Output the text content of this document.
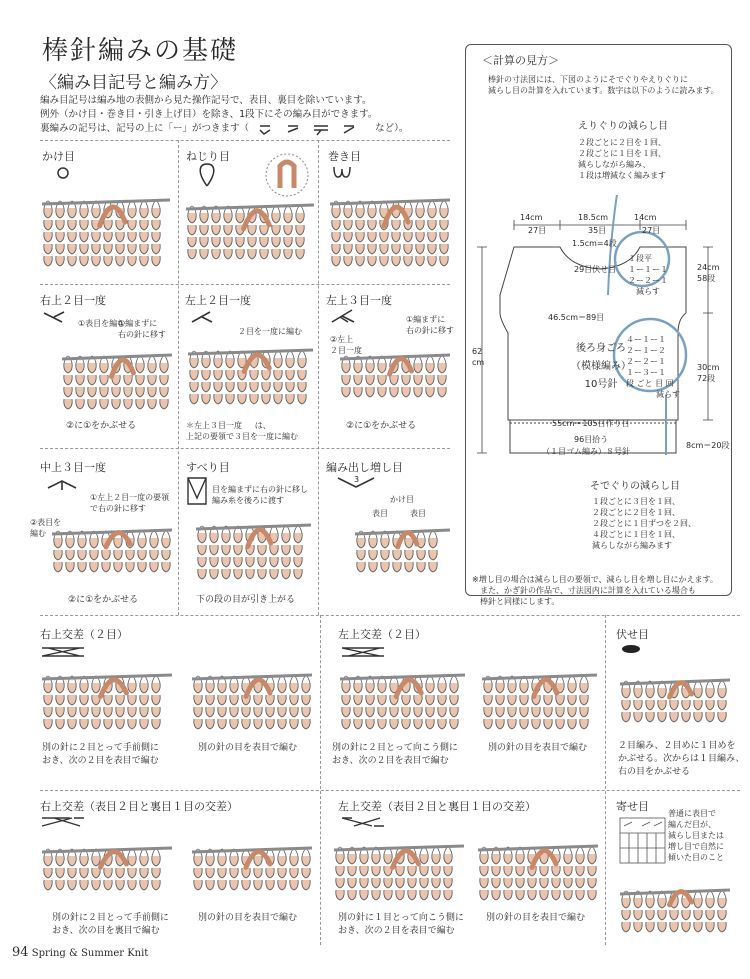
棒針編みの基礎
〈編み目記号と編み方〉
編み目記号は編み地の表側から見た操作記号で、表目、裏目を除いています。
例外（かけ目・巻き目・引き上げ目）を除き、1段下にその編み目ができます。
裏編みの記号は、記号の上に「ー」がつきます（	など）。
かけ目	ねじり目	巻き目
右上２目一度
①表目を編む
①編まずに
右の針に移す
②に①をかぶせる
左上２目一度
２目を一度に編む
＊左上３目一度 は、
上記の要領で３目を一度に編む
左上３目一度
①編まずに
右の針に移す
②左上
２目一度
②に①をかぶせる
中上３目一度
①左上２目一度の要領
で右の針に移す
②表目を
編む
②に①をかぶせる
すべり目
目を編まずに右の針に移し
編み糸を後ろに渡す
下の段の目が引き上がる
編み出し増し目
3
かけ目
表目	表目
右上交差（２目）
別の針に２目とって手前側に
おき、次の２目を表目で編む
別の針の目を表目で編む
左上交差（２目）
別の針に２目とって向こう側に
おき、次の２目を表目で編む
別の針の目を表目で編む
伏せ目
２目編み、２目めに１目めを
かぶせる。次からは１目編み、
右の目をかぶせる
右上交差（表目２目と裏目１目の交差）
別の針に２目とって手前側に
おき、次の目を裏目で編む
別の針の目を表目で編む
左上交差（表目２目と裏目１目の交差）
別の針に１目とって向こう側に
おき、次の２目を表目で編む
別の針の目を表目で編む
寄せ目
普通に表目で
編んだ目が、
減らし目または
増し目で自然に
傾いた目のこと
＜計算の見方＞
棒針の寸法図には、下図のようにそでぐりやえりぐりに
減らし目の計算を入れています。数字は以下のように読みます。
えりぐりの減らし目
２段ごとに２目を１回、
２段ごとに１目を１回、
減らしながら編み、
１段は増減なく編みます
14cm
27目
18.5cm
35目
14cm
27目
1.5cm=4段
29目伏せ目
１段平
１ー１ー１
２ー２ー１
減らす
24cm
58段
46.5cm＝89目
後ろ身ごろ
（模様編み）
10号針
４ー１ー１
２ー１ー２
２ー２ー１
１ー３ー１
段 ごと 目 回
減らす
62
cm
30cm
72段
55cm＝105目作り目
96目拾う
（１目ゴム編み）８号針
8cm＝20段
そでぐりの減らし目
１段ごとに３目を１回、
２段ごとに２目を１回、
２段ごとに１目ずつを２回、
４段ごとに１目を１回、
減らしながら編みます
※増し目の場合は減らし目の要領で、減らし目を増し目にかえます。
また、かぎ針の作品で、寸法図内に計算を入れている場合も
棒針と同様にします。
94 Spring & Summer Knit
